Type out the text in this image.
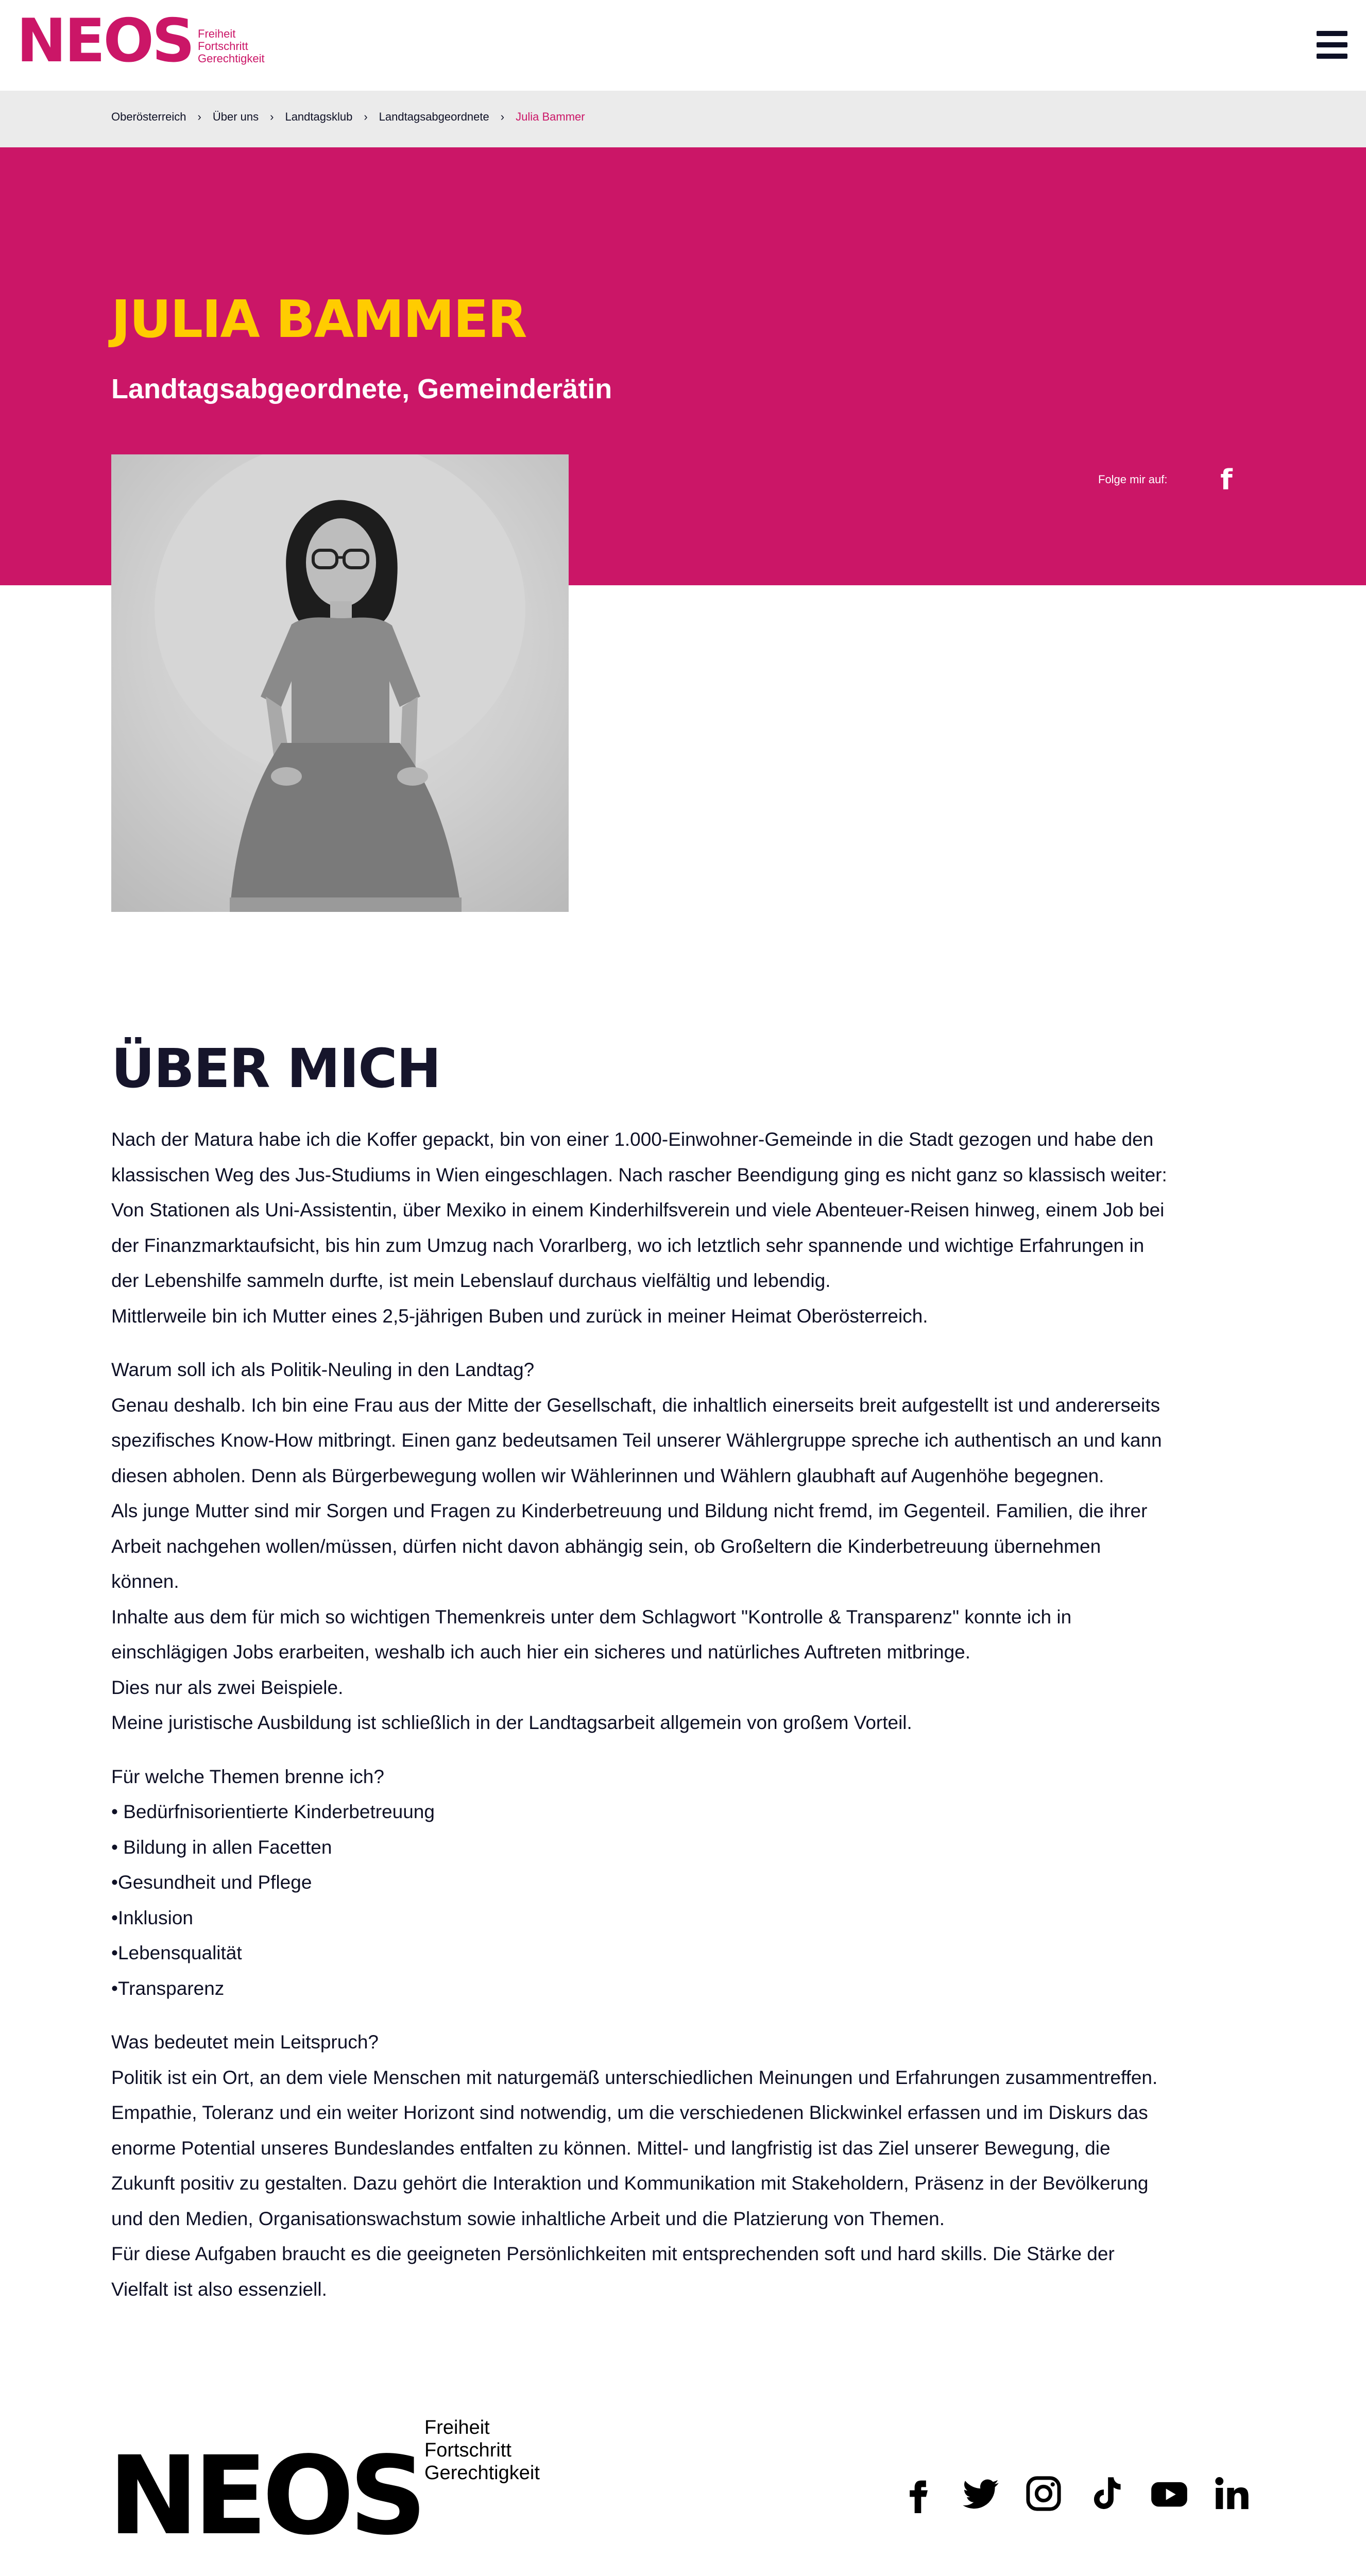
NEOS Freiheit
Fortschritt
Gerechtigkeit
Oberösterreich › Über uns › Landtagsklub › Landtagsabgeordnete › Julia Bammer
JULIA BAMMER
Landtagsabgeordnete, Gemeinderätin
Folge mir auf: f
ÜBER MICH

Nach der Matura habe ich die Koffer gepackt, bin von einer 1.000-Einwohner-Gemeinde in die Stadt gezogen und habe den
klassischen Weg des Jus-Studiums in Wien eingeschlagen. Nach rascher Beendigung ging es nicht ganz so klassisch weiter:
Von Stationen als Uni-Assistentin, über Mexiko in einem Kinderhilfsverein und viele Abenteuer-Reisen hinweg, einem Job bei
der Finanzmarktaufsicht, bis hin zum Umzug nach Vorarlberg, wo ich letztlich sehr spannende und wichtige Erfahrungen in
der Lebenshilfe sammeln durfte, ist mein Lebenslauf durchaus vielfältig und lebendig.
Mittlerweile bin ich Mutter eines 2,5-jährigen Buben und zurück in meiner Heimat Oberösterreich.

Warum soll ich als Politik-Neuling in den Landtag?
Genau deshalb. Ich bin eine Frau aus der Mitte der Gesellschaft, die inhaltlich einerseits breit aufgestellt ist und andererseits
spezifisches Know-How mitbringt. Einen ganz bedeutsamen Teil unserer Wählergruppe spreche ich authentisch an und kann
diesen abholen. Denn als Bürgerbewegung wollen wir Wählerinnen und Wählern glaubhaft auf Augenhöhe begegnen.
Als junge Mutter sind mir Sorgen und Fragen zu Kinderbetreuung und Bildung nicht fremd, im Gegenteil. Familien, die ihrer
Arbeit nachgehen wollen/müssen, dürfen nicht davon abhängig sein, ob Großeltern die Kinderbetreuung übernehmen
können.
Inhalte aus dem für mich so wichtigen Themenkreis unter dem Schlagwort "Kontrolle & Transparenz" konnte ich in
einschlägigen Jobs erarbeiten, weshalb ich auch hier ein sicheres und natürliches Auftreten mitbringe.
Dies nur als zwei Beispiele.
Meine juristische Ausbildung ist schließlich in der Landtagsarbeit allgemein von großem Vorteil.

Für welche Themen brenne ich?
• Bedürfnisorientierte Kinderbetreuung
• Bildung in allen Facetten
•Gesundheit und Pflege
•Inklusion
•Lebensqualität
•Transparenz

Was bedeutet mein Leitspruch?
Politik ist ein Ort, an dem viele Menschen mit naturgemäß unterschiedlichen Meinungen und Erfahrungen zusammentreffen.
Empathie, Toleranz und ein weiter Horizont sind notwendig, um die verschiedenen Blickwinkel erfassen und im Diskurs das
enorme Potential unseres Bundeslandes entfalten zu können. Mittel- und langfristig ist das Ziel unserer Bewegung, die
Zukunft positiv zu gestalten. Dazu gehört die Interaktion und Kommunikation mit Stakeholdern, Präsenz in der Bevölkerung
und den Medien, Organisationswachstum sowie inhaltliche Arbeit und die Platzierung von Themen.
Für diese Aufgaben braucht es die geeigneten Persönlichkeiten mit entsprechenden soft und hard skills. Die Stärke der
Vielfalt ist also essenziell.

NEOS
Freiheit
Fortschritt
Gerechtigkeit
